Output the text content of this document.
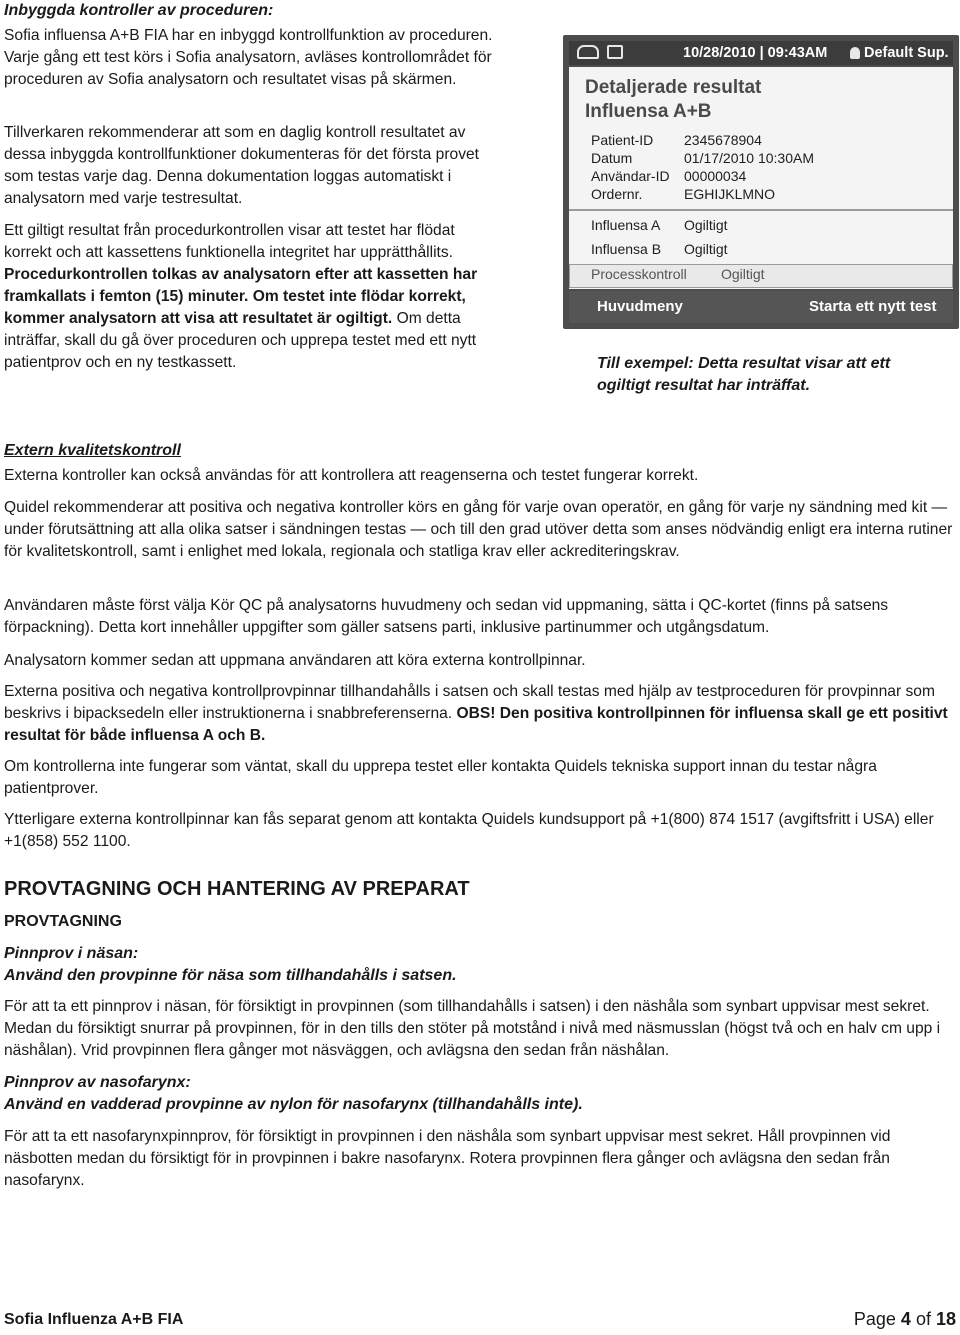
Inbyggda kontroller av proceduren:

Sofia influensa A+B FIA har en inbyggd kontrollfunktion av proceduren. Varje gång ett test körs i Sofia analysatorn, avläses kontrollområdet för proceduren av Sofia analysatorn och resultatet visas på skärmen.

Tillverkaren rekommenderar att som en daglig kontroll resultatet av dessa inbyggda kontrollfunktioner dokumenteras för det första provet som testas varje dag. Denna dokumentation loggas automatiskt i analysatorn med varje testresultat.

Ett giltigt resultat från procedurkontrollen visar att testet har flödat korrekt och att kassettens funktionella integritet har upprätthållits. Procedurkontrollen tolkas av analysatorn efter att kassetten har framkallats i femton (15) minuter. Om testet inte flödar korrekt, kommer analysatorn att visa att resultatet är ogiltigt. Om detta inträffar, skall du gå över proceduren och upprepa testet med ett nytt patientprov och en ny testkassett.
10/28/2010 | 09:43AM	Default Sup.
Detaljerade resultat
Influensa A+B
Patient-ID 2345678904
Datum	01/17/2010 10:30AM
Användar-ID 00000034
Ordernr.	EGHIJKLMNO
Influensa A Ogiltigt
Influensa B Ogiltigt
Processkontroll Ogiltigt
Huvudmeny	Starta ett nytt test
Till exempel: Detta resultat visar att ett ogiltigt resultat har inträffat.
Extern kvalitetskontroll
Externa kontroller kan också användas för att kontrollera att reagenserna och testet fungerar korrekt.
Quidel rekommenderar att positiva och negativa kontroller körs en gång för varje ovan operatör, en gång för varje ny sändning med kit — under förutsättning att alla olika satser i sändningen testas — och till den grad utöver detta som anses nödvändig enligt era interna rutiner för kvalitetskontroll, samt i enlighet med lokala, regionala och statliga krav eller ackrediteringskrav.
Användaren måste först välja Kör QC på analysatorns huvudmeny och sedan vid uppmaning, sätta i QC-kortet (finns på satsens förpackning). Detta kort innehåller uppgifter som gäller satsens parti, inklusive partinummer och utgångsdatum.
Analysatorn kommer sedan att uppmana användaren att köra externa kontrollpinnar.
Externa positiva och negativa kontrollprovpinnar tillhandahålls i satsen och skall testas med hjälp av testproceduren för provpinnar som beskrivs i bipacksedeln eller instruktionerna i snabbreferenserna. OBS! Den positiva kontrollpinnen för influensa skall ge ett positivt resultat för både influensa A och B.
Om kontrollerna inte fungerar som väntat, skall du upprepa testet eller kontakta Quidels tekniska support innan du testar några patientprover.
Ytterligare externa kontrollpinnar kan fås separat genom att kontakta Quidels kundsupport på +1(800) 874 1517 (avgiftsfritt i USA) eller +1(858) 552 1100.
PROVTAGNING OCH HANTERING AV PREPARAT
PROVTAGNING
Pinnprov i näsan:
Använd den provpinne för näsa som tillhandahålls i satsen.
För att ta ett pinnprov i näsan, för försiktigt in provpinnen (som tillhandahålls i satsen) i den näshåla som synbart uppvisar mest sekret. Medan du försiktigt snurrar på provpinnen, för in den tills den stöter på motstånd i nivå med näsmusslan (högst två och en halv cm upp i näshålan). Vrid provpinnen flera gånger mot näsväggen, och avlägsna den sedan från näshålan.
Pinnprov av nasofarynx:
Använd en vadderad provpinne av nylon för nasofarynx (tillhandahålls inte).
För att ta ett nasofarynxpinnprov, för försiktigt in provpinnen i den näshåla som synbart uppvisar mest sekret. Håll provpinnen vid näsbotten medan du försiktigt för in provpinnen i bakre nasofarynx. Rotera provpinnen flera gånger och avlägsna den sedan från nasofarynx.
Sofia Influenza A+B FIA	Page 4 of 18
